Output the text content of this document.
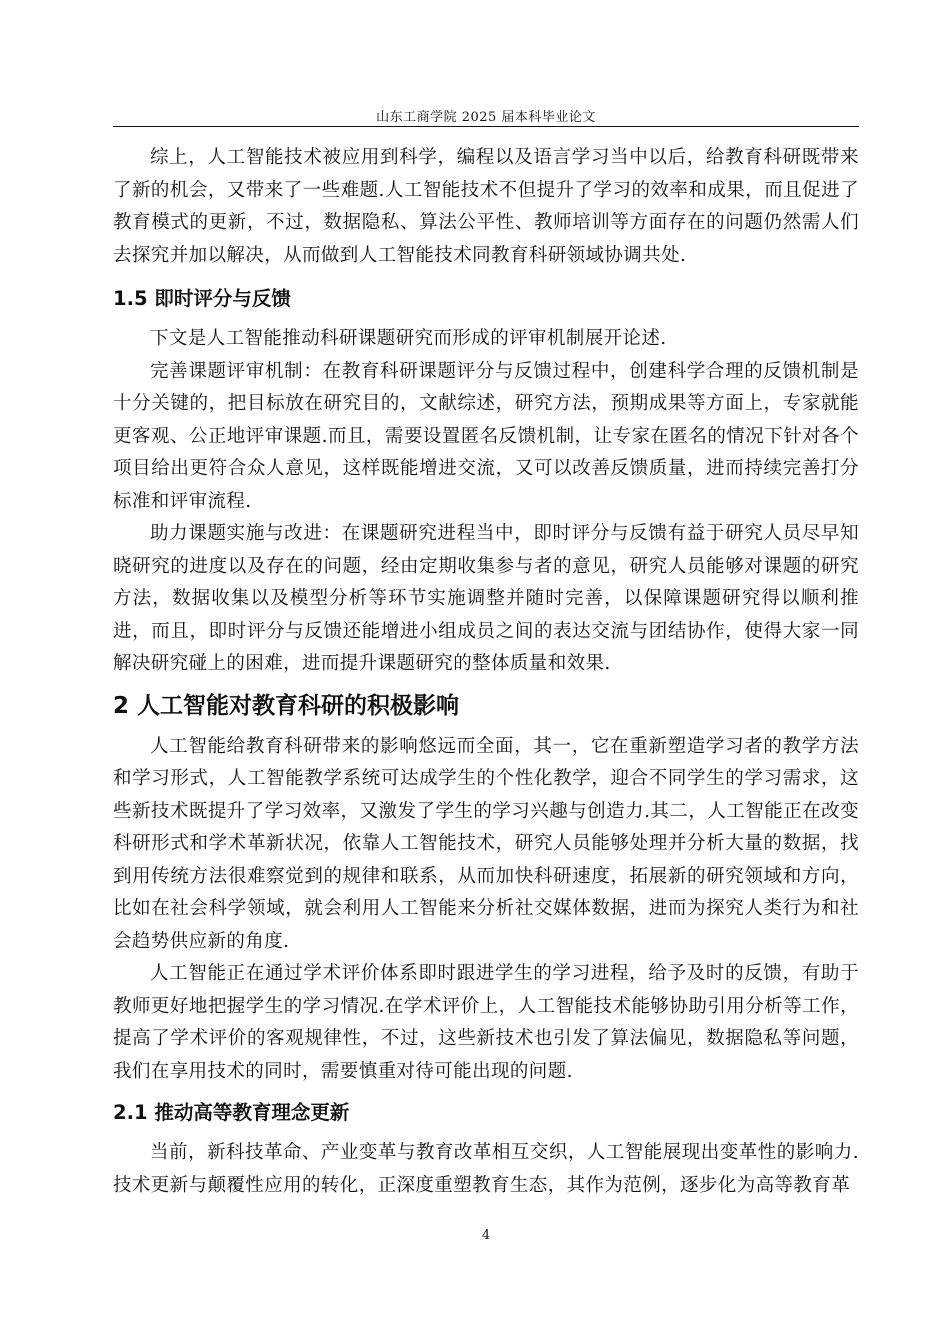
山东工商学院 2025 届本科毕业论文

综上，人工智能技术被应用到科学，编程以及语言学习当中以后，给教育科研既带来了新的机会，又带来了一些难题.人工智能技术不但提升了学习的效率和成果，而且促进了教育模式的更新，不过，数据隐私、算法公平性、教师培训等方面存在的问题仍然需人们去探究并加以解决，从而做到人工智能技术同教育科研领域协调共处.

1.5 即时评分与反馈

下文是人工智能推动科研课题研究而形成的评审机制展开论述.

完善课题评审机制：在教育科研课题评分与反馈过程中，创建科学合理的反馈机制是十分关键的，把目标放在研究目的，文献综述，研究方法，预期成果等方面上，专家就能更客观、公正地评审课题.而且，需要设置匿名反馈机制，让专家在匿名的情况下针对各个项目给出更符合众人意见，这样既能增进交流，又可以改善反馈质量，进而持续完善打分标准和评审流程.

助力课题实施与改进：在课题研究进程当中，即时评分与反馈有益于研究人员尽早知晓研究的进度以及存在的问题，经由定期收集参与者的意见，研究人员能够对课题的研究方法，数据收集以及模型分析等环节实施调整并随时完善，以保障课题研究得以顺利推进，而且，即时评分与反馈还能增进小组成员之间的表达交流与团结协作，使得大家一同解决研究碰上的困难，进而提升课题研究的整体质量和效果.

2 人工智能对教育科研的积极影响

人工智能给教育科研带来的影响悠远而全面，其一，它在重新塑造学习者的教学方法和学习形式，人工智能教学系统可达成学生的个性化教学，迎合不同学生的学习需求，这些新技术既提升了学习效率，又激发了学生的学习兴趣与创造力.其二，人工智能正在改变科研形式和学术革新状况，依靠人工智能技术，研究人员能够处理并分析大量的数据，找到用传统方法很难察觉到的规律和联系，从而加快科研速度，拓展新的研究领域和方向，比如在社会科学领域，就会利用人工智能来分析社交媒体数据，进而为探究人类行为和社会趋势供应新的角度.

人工智能正在通过学术评价体系即时跟进学生的学习进程，给予及时的反馈，有助于教师更好地把握学生的学习情况.在学术评价上，人工智能技术能够协助引用分析等工作，提高了学术评价的客观规律性，不过，这些新技术也引发了算法偏见，数据隐私等问题，我们在享用技术的同时，需要慎重对待可能出现的问题.

2.1 推动高等教育理念更新

当前，新科技革命、产业变革与教育改革相互交织，人工智能展现出变革性的影响力.技术更新与颠覆性应用的转化，正深度重塑教育生态，其作为范例，逐步化为高等教育革

4
